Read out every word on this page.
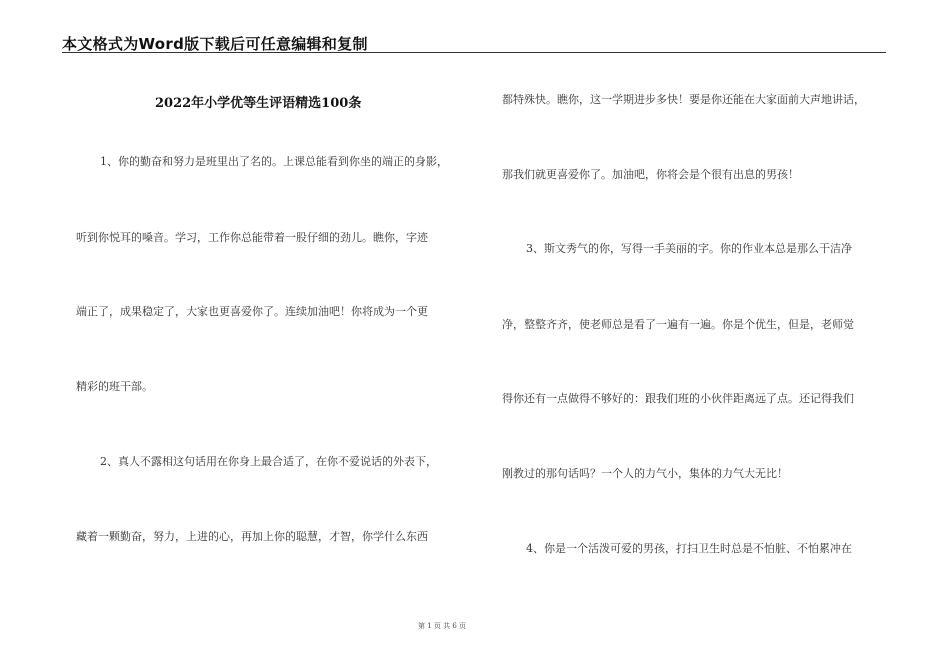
本文格式为Word版下载后可任意编辑和复制
2022年小学优等生评语精选100条
1、你的勤奋和努力是班里出了名的。上课总能看到你坐的端正的身影，
听到你悦耳的嗓音。学习，工作你总能带着一股仔细的劲儿。瞧你，字迹
端正了，成果稳定了，大家也更喜爱你了。连续加油吧！你将成为一个更
精彩的班干部。
2、真人不露相这句话用在你身上最合适了，在你不爱说话的外表下，
藏着一颗勤奋，努力，上进的心，再加上你的聪慧，才智，你学什么东西
都特殊快。瞧你，这一学期进步多快！要是你还能在大家面前大声地讲话，
那我们就更喜爱你了。加油吧，你将会是个很有出息的男孩！
3、斯文秀气的你，写得一手美丽的字。你的作业本总是那么干洁净
净，整整齐齐，使老师总是看了一遍有一遍。你是个优生，但是，老师觉
得你还有一点做得不够好的：跟我们班的小伙伴距离远了点。还记得我们
刚教过的那句话吗？一个人的力气小，集体的力气大无比！
4、你是一个活泼可爱的男孩，打扫卫生时总是不怕脏、不怕累冲在
第 1 页 共 6 页
